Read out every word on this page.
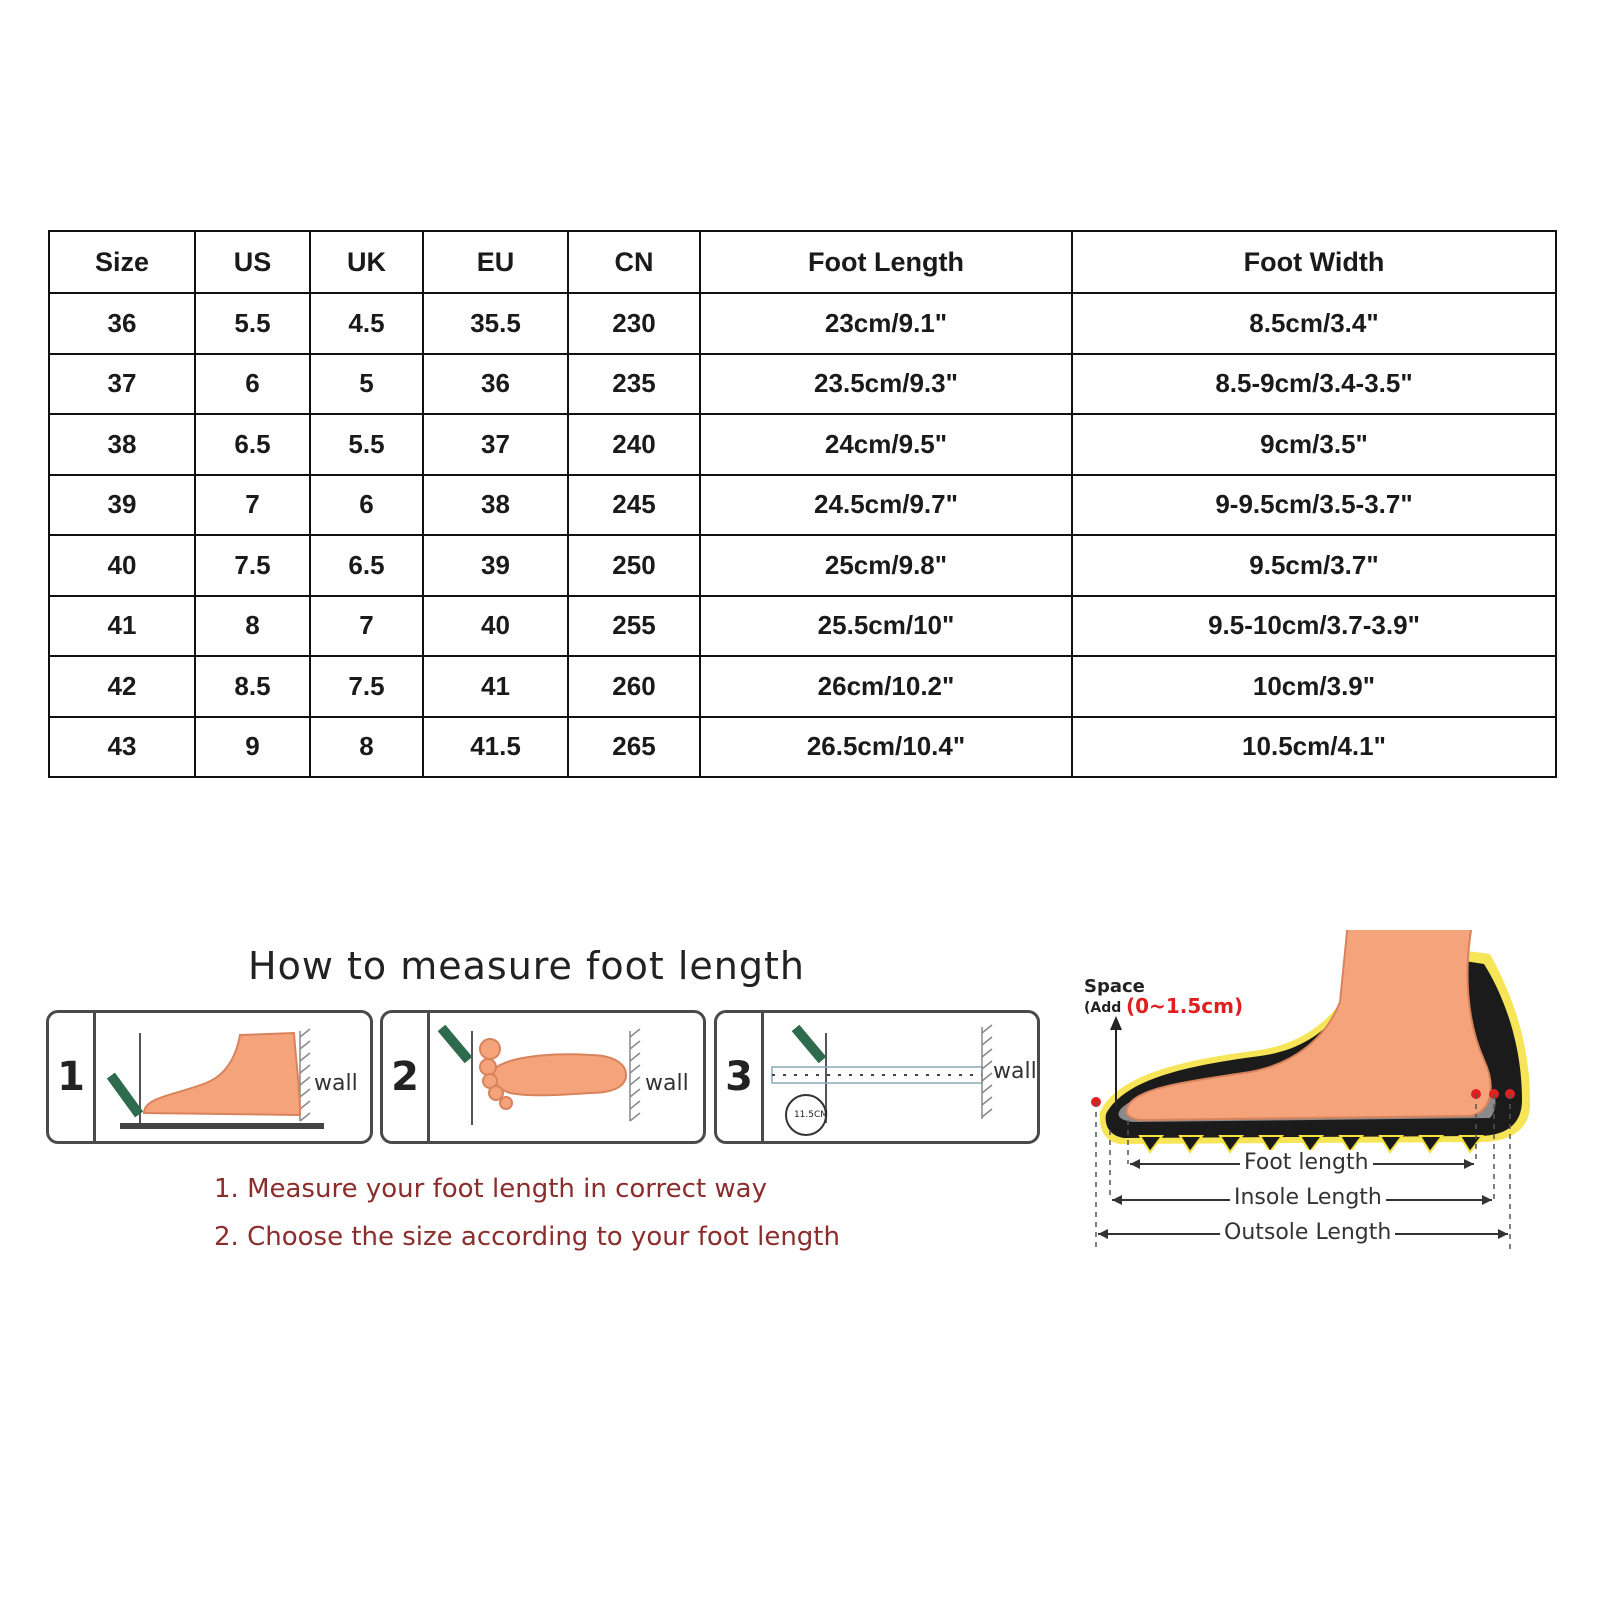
Size	US	UK	EU	CN	Foot Length	Foot Width
36	5.5	4.5	35.5	230	23cm/9.1"	8.5cm/3.4"
37	6	5	36	235	23.5cm/9.3"	8.5-9cm/3.4-3.5"
38	6.5	5.5	37	240	24cm/9.5"	9cm/3.5"
39	7	6	38	245	24.5cm/9.7"	9-9.5cm/3.5-3.7"
40	7.5	6.5	39	250	25cm/9.8"	9.5cm/3.7"
41	8	7	40	255	25.5cm/10"	9.5-10cm/3.7-3.9"
42	8.5	7.5	41	260	26cm/10.2"	10cm/3.9"
43	9	8	41.5	265	26.5cm/10.4"	10.5cm/4.1"
How to measure foot length
1	wall 2	wall 3
11.5CM
wall
1. Measure your foot length in correct way
2. Choose the size according to your foot length
Space
(Add (0~1.5cm)
Foot length
Insole Length
Outsole Length
